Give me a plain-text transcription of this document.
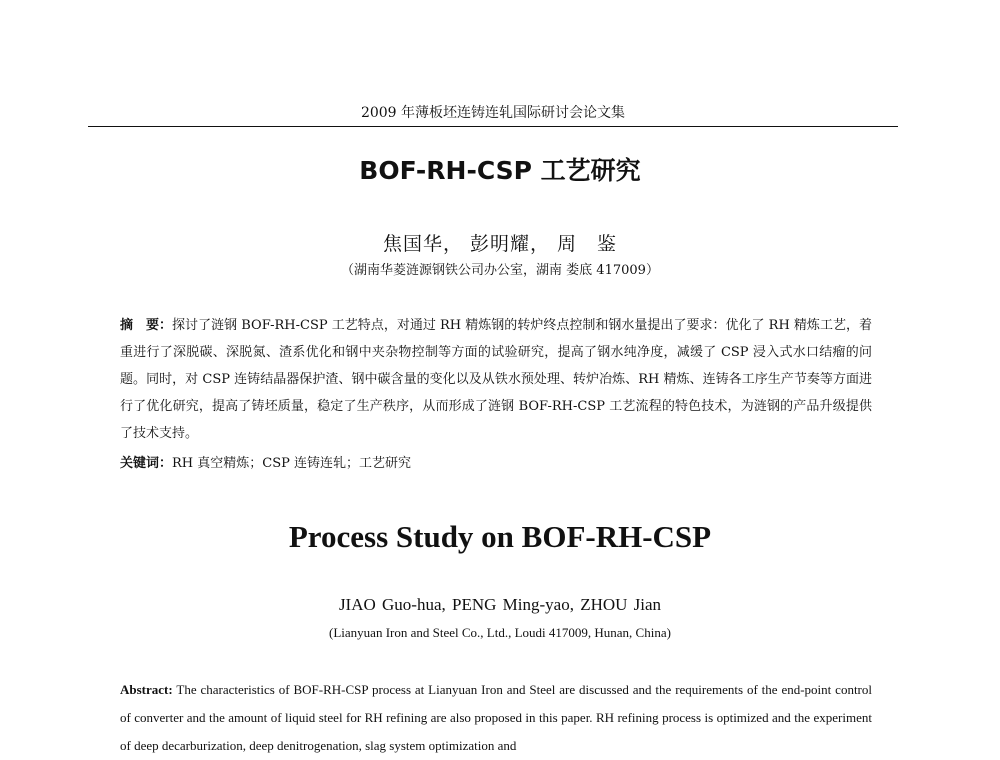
2009 年薄板坯连铸连轧国际研讨会论文集
BOF-RH-CSP 工艺研究
焦国华， 彭明耀， 周　鉴
（湖南华菱涟源钢铁公司办公室，湖南 娄底 417009）
摘　要：探讨了涟钢 BOF-RH-CSP 工艺特点，对通过 RH 精炼钢的转炉终点控制和钢水量提出了要求：优化了 RH 精炼工艺，着重进行了深脱碳、深脱氮、渣系优化和钢中夹杂物控制等方面的试验研究，提高了钢水纯净度，减缓了 CSP 浸入式水口结瘤的问题。同时，对 CSP 连铸结晶器保护渣、钢中碳含量的变化以及从铁水预处理、转炉冶炼、RH 精炼、连铸各工序生产节奏等方面进行了优化研究，提高了铸坯质量，稳定了生产秩序，从而形成了涟钢 BOF-RH-CSP 工艺流程的特色技术，为涟钢的产品升级提供了技术支持。
关键词：RH 真空精炼；CSP 连铸连轧；工艺研究
Process Study on BOF-RH-CSP
JIAO Guo-hua, PENG Ming-yao, ZHOU Jian
(Lianyuan Iron and Steel Co., Ltd., Loudi 417009, Hunan, China)
Abstract: The characteristics of BOF-RH-CSP process at Lianyuan Iron and Steel are discussed and the requirements of the end-point control of converter and the amount of liquid steel for RH refining are also proposed in this paper. RH refining process is optimized and the experiment of deep decarburization, deep denitrogenation, slag system optimization and
